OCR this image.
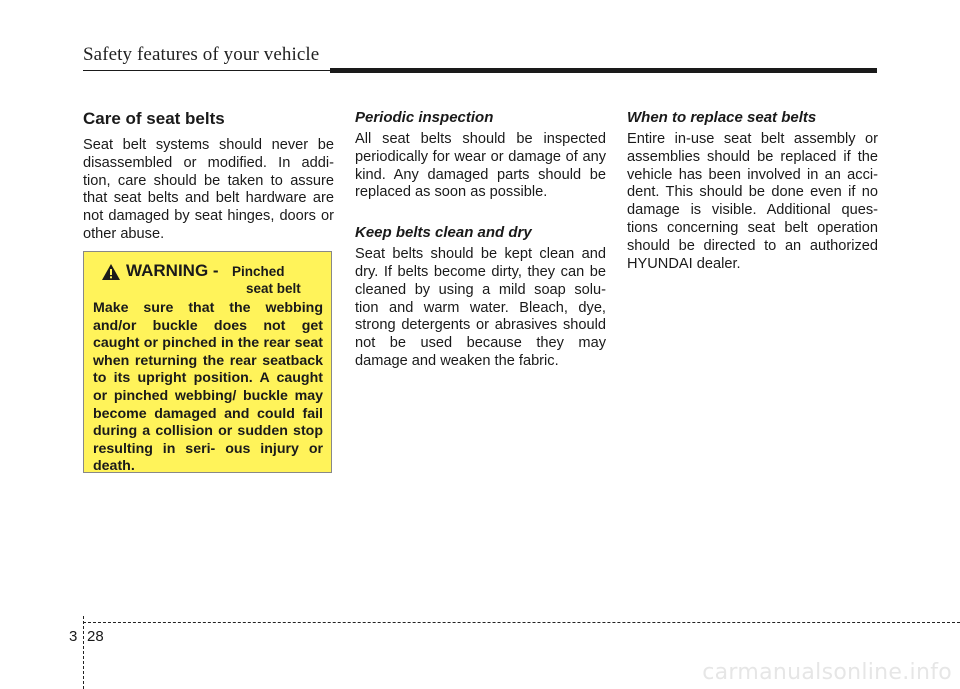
Safety features of your vehicle
Care of seat belts

Seat belt systems should never be disassembled or modified. In addi- tion, care should be taken to assure that seat belts and belt hardware are not damaged by seat hinges, doors or other abuse.

WARNING - Pinched
seat belt

Make sure that the webbing and/or buckle does not get caught or pinched in the rear seat when returning the rear seatback to its upright position. A caught or pinched webbing/ buckle may become damaged and could fail during a collision or sudden stop resulting in seri- ous injury or death.

Periodic inspection

All seat belts should be inspected periodically for wear or damage of any kind. Any damaged parts should be replaced as soon as possible.

Keep belts clean and dry

Seat belts should be kept clean and dry. If belts become dirty, they can be cleaned by using a mild soap solu- tion and warm water. Bleach, dye, strong detergents or abrasives should not be used because they may damage and weaken the fabric.

When to replace seat belts

Entire in-use seat belt assembly or assemblies should be replaced if the vehicle has been involved in an acci- dent. This should be done even if no damage is visible. Additional ques- tions concerning seat belt operation should be directed to an authorized HYUNDAI dealer.

3 28
carmanualsonline.info
